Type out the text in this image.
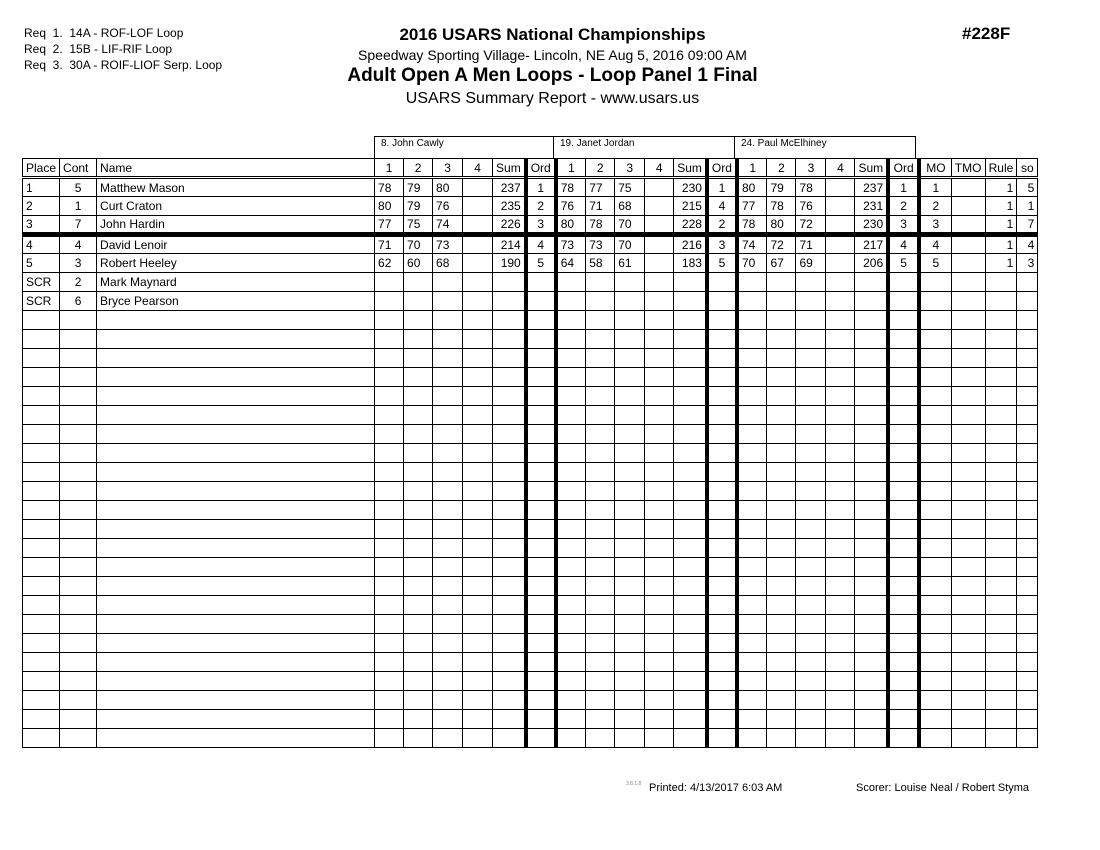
Req  1.  14A - ROF-LOF Loop
Req  2.  15B - LIF-RIF Loop
Req  3.  30A - ROIF-LIOF Serp. Loop
2016 USARS National Championships
Speedway Sporting Village- Lincoln, NE Aug 5, 2016 09:00 AM
Adult Open A Men Loops - Loop Panel 1 Final
USARS Summary Report - www.usars.us
#228F
8. John Cawly	19. Janet Jordan	24. Paul McElhiney
Place	Cont	Name	1	2	3	4	Sum	Ord	1	2	3	4	Sum	Ord	1	2	3	4	Sum	Ord	MO	TMO	Rule	so
1	5	Matthew Mason	78	79	80		237	1	78	77	75		230	1	80	79	78		237	1	1		1	5
2	1	Curt Craton	80	79	76		235	2	76	71	68		215	4	77	78	76		231	2	2		1	1
3	7	John Hardin	77	75	74		226	3	80	78	70		228	2	78	80	72		230	3	3		1	7
4	4	David Lenoir	71	70	73		214	4	73	73	70		216	3	74	72	71		217	4	4		1	4
5	3	Robert Heeley	62	60	68		190	5	64	58	61		183	5	70	67	69		206	5	5		1	3
SCR	2	Mark Maynard																						
SCR	6	Bryce Pearson																						

3.8.1.8 Printed: 4/13/2017 6:03 AM	Scorer: Louise Neal / Robert Styma
